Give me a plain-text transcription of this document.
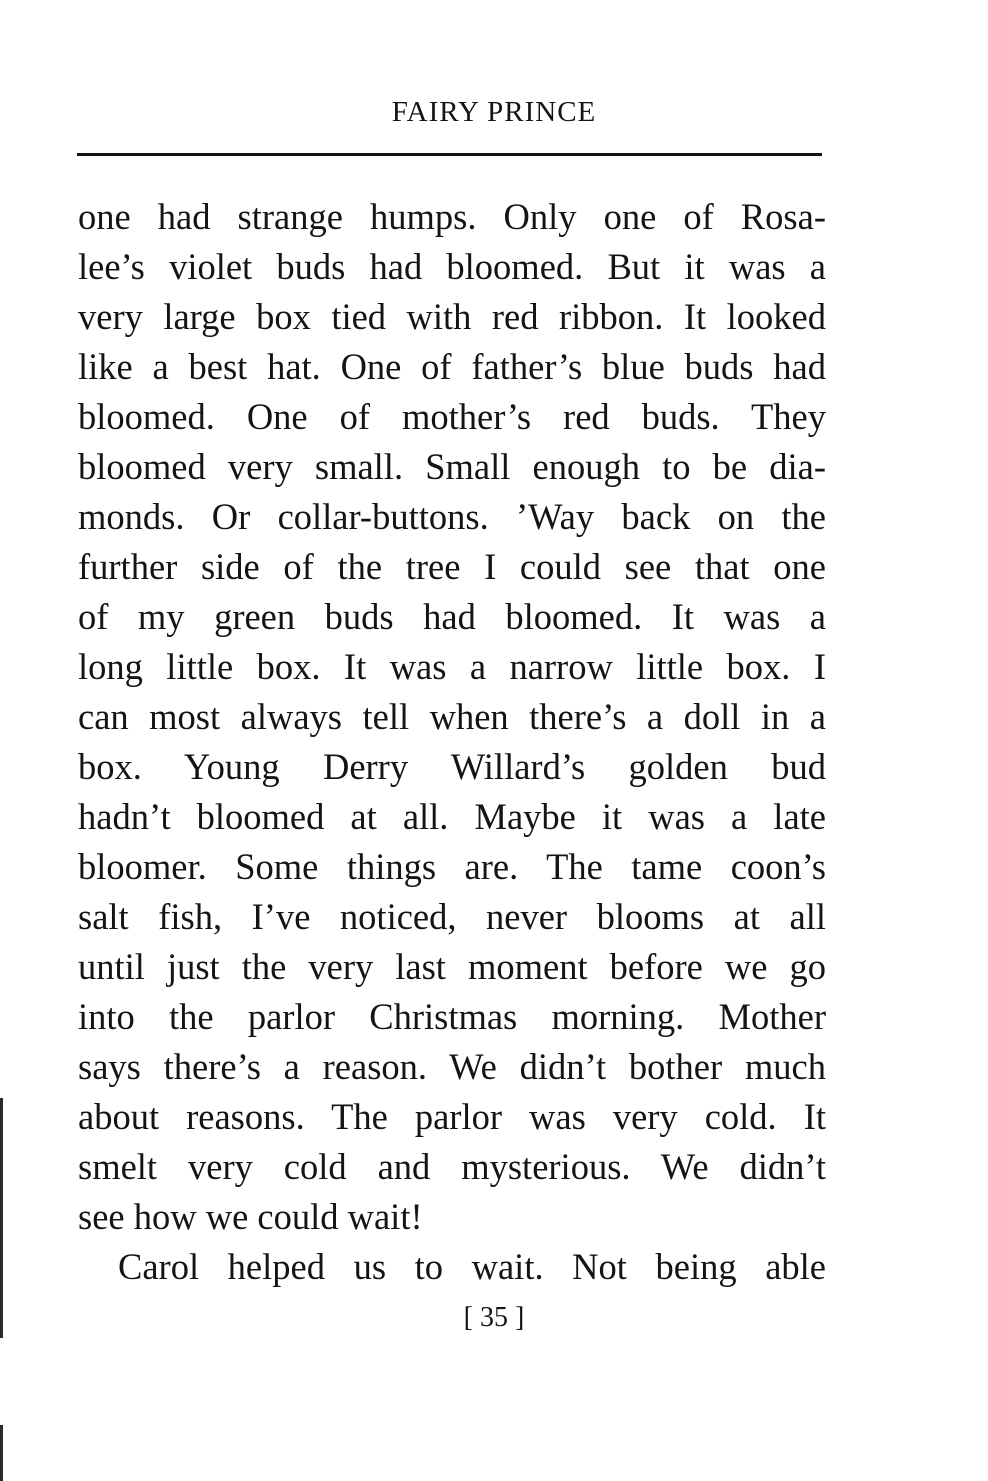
FAIRY PRINCE
one had strange humps. Only one of Rosa-
lee’s violet buds had bloomed. But it was a
very large box tied with red ribbon. It looked
like a best hat. One of father’s blue buds had
bloomed. One of mother’s red buds. They
bloomed very small. Small enough to be dia-
monds. Or collar-buttons. ’Way back on the
further side of the tree I could see that one
of my green buds had bloomed. It was a
long little box. It was a narrow little box. I
can most always tell when there’s a doll in a
box. Young Derry Willard’s golden bud
hadn’t bloomed at all. Maybe it was a late
bloomer. Some things are. The tame coon’s
salt fish, I’ve noticed, never blooms at all
until just the very last moment before we go
into the parlor Christmas morning. Mother
says there’s a reason. We didn’t bother much
about reasons. The parlor was very cold. It
smelt very cold and mysterious. We didn’t
see how we could wait!
Carol helped us to wait. Not being able
[ 35 ]
